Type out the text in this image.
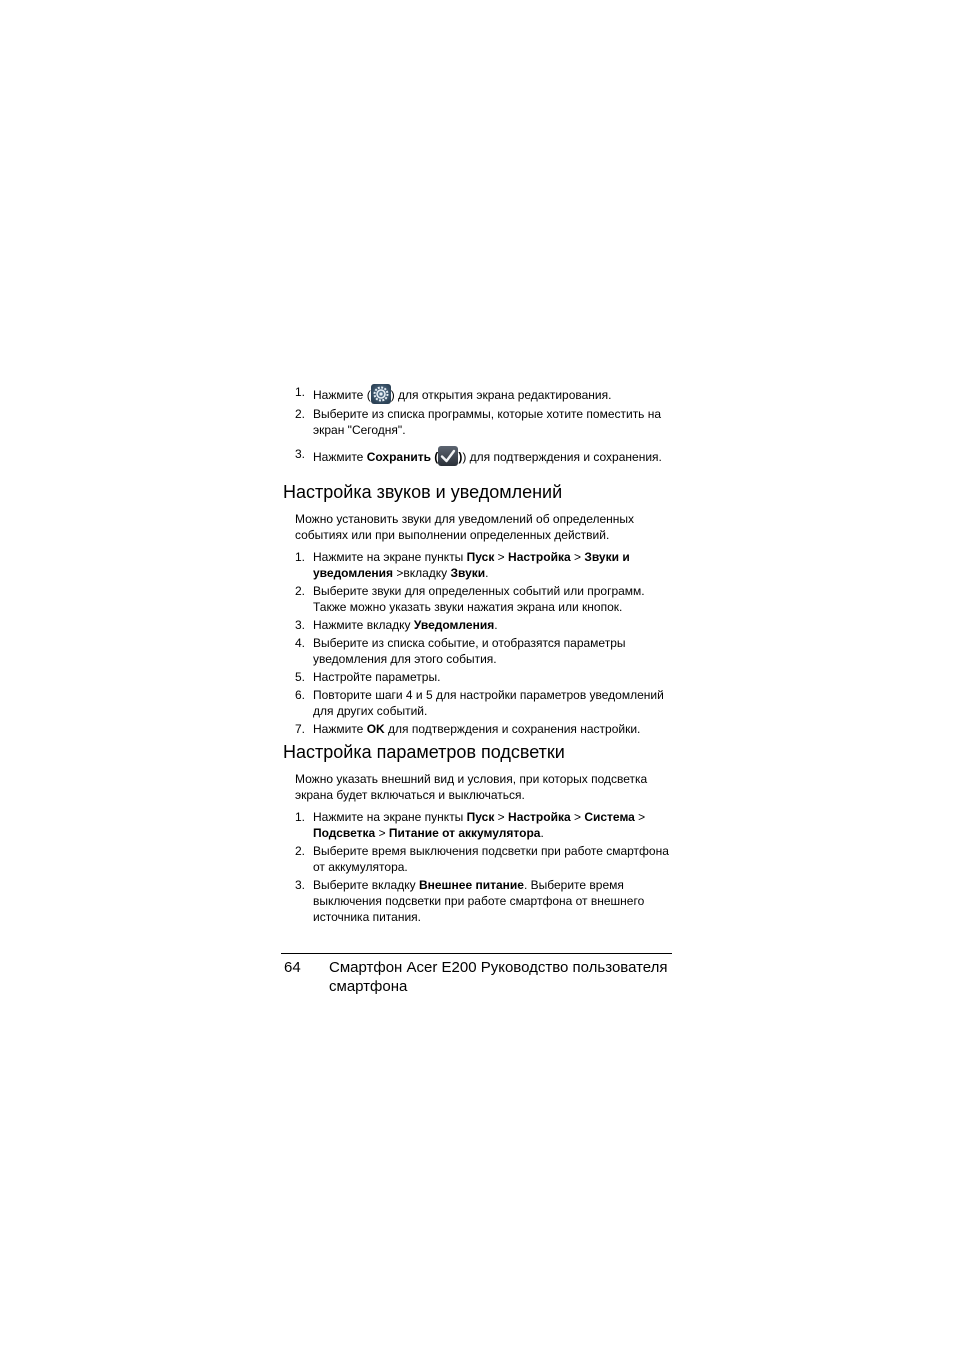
1. Нажмите ( ) для открытия экрана редактирования.
2. Выберите из списка программы, которые хотите поместить на экран "Сегодня".
3. Нажмите Сохранить ( )) для подтверждения и сохранения.
Настройка звуков и уведомлений

Можно установить звуки для уведомлений об определенных событиях или при выполнении определенных действий.

1. Нажмите на экране пункты Пуск > Настройка > Звуки и уведомления >вкладку Звуки.
2. Выберите звуки для определенных событий или программ. Также можно указать звуки нажатия экрана или кнопок.
3. Нажмите вкладку Уведомления.
4. Выберите из списка событие, и отобразятся параметры уведомления для этого события.
5. Настройте параметры.
6. Повторите шаги 4 и 5 для настройки параметров уведомлений для других событий.
7. Нажмите OK для подтверждения и сохранения настройки.
Настройка параметров подсветки

Можно указать внешний вид и условия, при которых подсветка экрана будет включаться и выключаться.

1. Нажмите на экране пункты Пуск > Настройка > Система > Подсветка > Питание от аккумулятора.
2. Выберите время выключения подсветки при работе смартфона от аккумулятора.
3. Выберите вкладку Внешнее питание. Выберите время выключения подсветки при работе смартфона от внешнего источника питания.
64 Смартфон Acer E200 Руководство пользователя смартфона
